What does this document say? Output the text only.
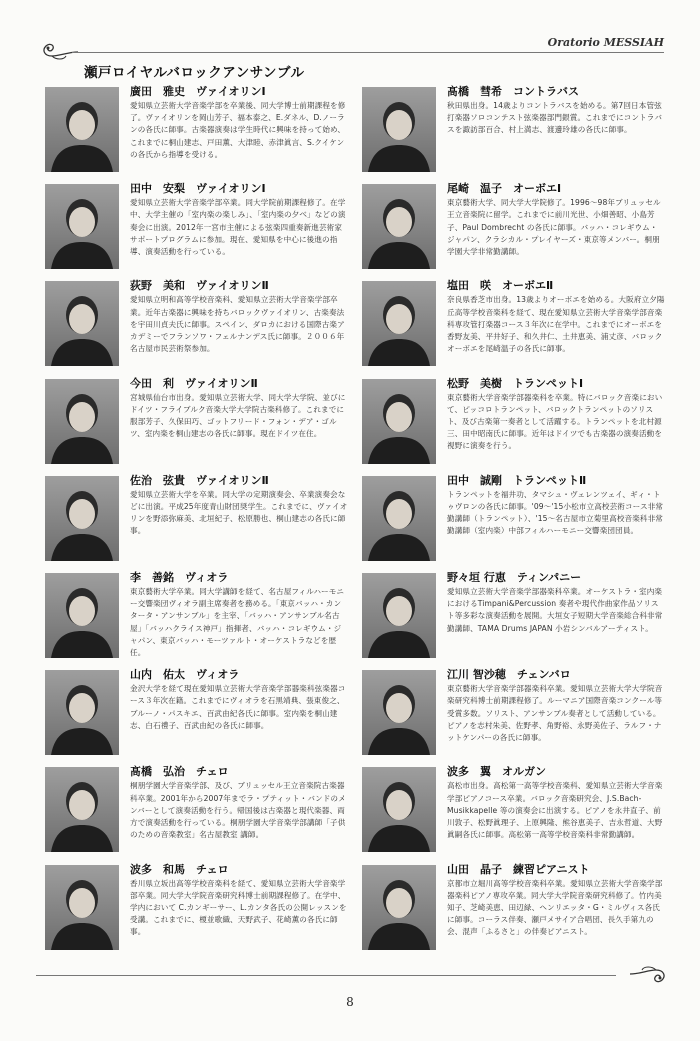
Oratorio MESSIAH
瀬戸ロイヤルバロックアンサンブル
廣田　雅史　ヴァイオリンⅠ
愛知県立芸術大学音楽学部を卒業後、同大学博士前期課程を修了。ヴァイオリンを岡山芳子、福本泰之、E.ダネル、D.ノーランの各氏に師事。古楽器演奏は学生時代に興味を持って始め、これまでに桐山建志、戸田薫、大津睦、赤津眞言、S.クイケンの各氏から指導を受ける。
髙橋　彗希　コントラバス
秋田県出身。14歳よりコントラバスを始める。第7回日本管弦打楽器ソロコンテスト弦楽器部門銀賞。これまでにコントラバスを諏訪部百合、村上満志、渡邊玲雄の各氏に師事。
田中　安梨　ヴァイオリンⅠ
愛知県立芸術大学音楽学部卒業。同大学院前期課程修了。在学中、大学主催の「室内楽の楽しみ」、「室内楽の夕べ」などの演奏会に出演。2012年一宮市主催による弦楽四重奏新進芸術家サポートプログラムに参加。現在、愛知県を中心に後進の指導、演奏活動を行っている。
尾崎　温子　オーボエⅠ
東京藝術大学、同大学大学院修了。1996～98年ブリュッセル王立音楽院に留学。これまでに前川光世、小畑善昭、小島芳子、Paul Dombrecht の各氏に師事。バッハ・コレギウム・ジャパン、クラシカル・プレイヤーズ・東京等メンバー。桐朋学園大学非常勤講師。
荻野　美和　ヴァイオリンⅡ
愛知県立明和高等学校音楽科、愛知県立芸術大学音楽学部卒業。近年古楽器に興味を持ちバロックヴァイオリン、古楽奏法を宇田川貞夫氏に師事。スペイン、ダロカにおける国際古楽アカデミーでフランソワ・フェルナンデス氏に師事。２００６年名古屋市民芸術祭参加。
塩田　咲　オーボエⅡ
奈良県香芝市出身。13歳よりオーボエを始める。大阪府立夕陽丘高等学校音楽科を経て、現在愛知県立芸術大学音楽学部音楽科専攻管打楽器コース３年次に在学中。これまでにオーボエを香野友美、平井好子、和久井仁、土井恵美、浦丈彦、バロックオーボエを尾崎温子の各氏に師事。
今田　利　ヴァイオリンⅡ
宮城県仙台市出身。愛知県立芸術大学、同大学大学院、並びにドイツ・フライブルク音楽大学大学院古楽科修了。これまでに服部芳子、久保田巧、ゴットフリード・フォン・デア・ゴルツ、室内楽を桐山建志の各氏に師事。現在ドイツ在住。
松野　美樹　トランペットⅠ
東京藝術大学音楽学部器楽科を卒業。特にバロック音楽において、ピッコロトランペット、バロックトランペットのソリスト、及び古楽第一奏者として活躍する。トランペットを北村源三、田中昭南氏に師事。近年はドイツでも古楽器の演奏活動を視野に演奏を行う。
佐治　弦貴　ヴァイオリンⅡ
愛知県立芸術大学を卒業。同大学の定期演奏会、卒業演奏会などに出演。平成25年度青山財団奨学生。これまでに、ヴァイオリンを野添弥麻美、北垣紀子、松原勝也、桐山建志の各氏に師事。
田中　誠剛　トランペットⅡ
トランペットを福井功、タマシュ・ヴェレンツェイ、ギィ・トゥヴロンの各氏に師事。'09～'15小松市立高校芸術コース非常勤講師（トランペット）、'15～名古屋市立菊里高校音楽科非常勤講師（室内楽）中部フィルハーモニー交響楽団団員。
李　善銘　ヴィオラ
東京藝術大学卒業。同大学講師を経て、名古屋フィルハーモニー交響楽団ヴィオラ副主席奏者を務める。「東京バッハ・カンタータ・アンサンブル」を主宰、「バッハ・アンサンブル名古屋」「バッハクライス神戸」指揮者、バッハ・コレギウム・ジャパン、東京バッハ・モーツァルト・オーケストラなどを歴任。
野々垣 行恵　ティンパニー
愛知県立芸術大学音楽学部器楽科卒業。オーケストラ・室内楽におけるTimpani&Percussion 奏者や現代作曲家作品ソリスト等多彩な演奏活動を展開。大垣女子短期大学音楽総合科非常勤講師、TAMA Drums JAPAN 小岩シンバルアーティスト。
山内　佑太　ヴィオラ
金沢大学を経て現在愛知県立芸術大学音楽学部器楽科弦楽器コース３年次在籍。これまでにヴィオラを石黒靖典、張東俊之、ブルーノ・パスキエ、百武由紀各氏に師事。室内楽を桐山建志、白石禮子、百武由紀の各氏に師事。
江川 智沙穂　チェンバロ
東京藝術大学音楽学部器楽科卒業。愛知県立芸術大学大学院音楽研究科博士前期課程修了。ルーマニア国際音楽コンクール等受賞多数。ソリスト、アンサンブル奏者として活動している。ピアノを志村朱美、佐野孝、角野裕、永野美佐子、ラルフ・ナットケンパーの各氏に師事。
髙橋　弘治　チェロ
桐朋学園大学音楽学部、及び、ブリュッセル王立音楽院古楽器科卒業。2001年から2007年までラ・プティット・バンドのメンバーとして演奏活動を行う。帰国後は古楽器と現代楽器、両方で演奏活動を行っている。桐朋学園大学音楽学部講師「子供のための音楽教室」名古屋教室 講師。
波多　翼　オルガン
高松市出身。高松第一高等学校音楽科、愛知県立芸術大学音楽学部ピアノコース卒業。バロック音楽研究会、J.S.Bach-Musikkapelle 等の演奏会に出演する。ピアノを永井直子、前川敦子、松野眞理子、上原興隆、熊谷恵美子、吉永哲道、大野眞嗣各氏に師事。高松第一高等学校音楽科非常勤講師。
波多　和馬　チェロ
香川県立坂出高等学校音楽科を経て、愛知県立芸術大学音楽学部卒業。同大学大学院音楽研究科博士前期課程修了。在学中、学内において C.カンギーサー、L.カンタ各氏の公開レッスンを受講。これまでに、榎並歌織、天野武子、花崎薫の各氏に師事。
山田　晶子　練習ピアニスト
京都市立堀川高等学校音楽科卒業。愛知県立芸術大学音楽学部器楽科ピアノ専攻卒業。同大学大学院音楽研究科修了。竹内美知子、芝崎美恵、田辺緑、ヘンリエッタ・G・ミルヴィス各氏に師事。コーラス伴奏、瀬戸メサイア合唱団、長久手第九の会、混声「ふるさと」の伴奏ピアニスト。
8
